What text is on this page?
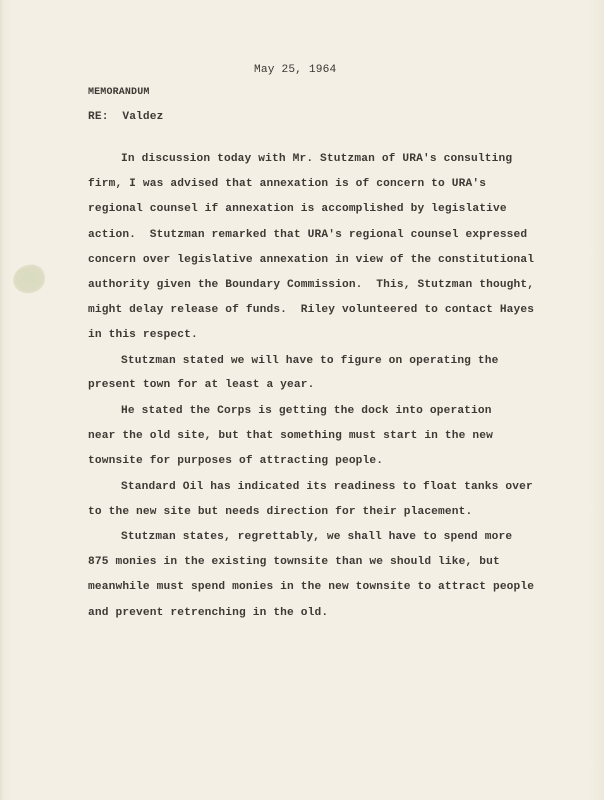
May 25, 1964
MEMORANDUM
RE: Valdez
In discussion today with Mr. Stutzman of URA's consulting
firm, I was advised that annexation is of concern to URA's
regional counsel if annexation is accomplished by legislative
action.  Stutzman remarked that URA's regional counsel expressed
concern over legislative annexation in view of the constitutional
authority given the Boundary Commission.  This, Stutzman thought,
might delay release of funds.  Riley volunteered to contact Hayes
in this respect.
Stutzman stated we will have to figure on operating the
present town for at least a year.
He stated the Corps is getting the dock into operation
near the old site, but that something must start in the new
townsite for purposes of attracting people.
Standard Oil has indicated its readiness to float tanks over
to the new site but needs direction for their placement.
Stutzman states, regrettably, we shall have to spend more
875 monies in the existing townsite than we should like, but
meanwhile must spend monies in the new townsite to attract people
and prevent retrenching in the old.
